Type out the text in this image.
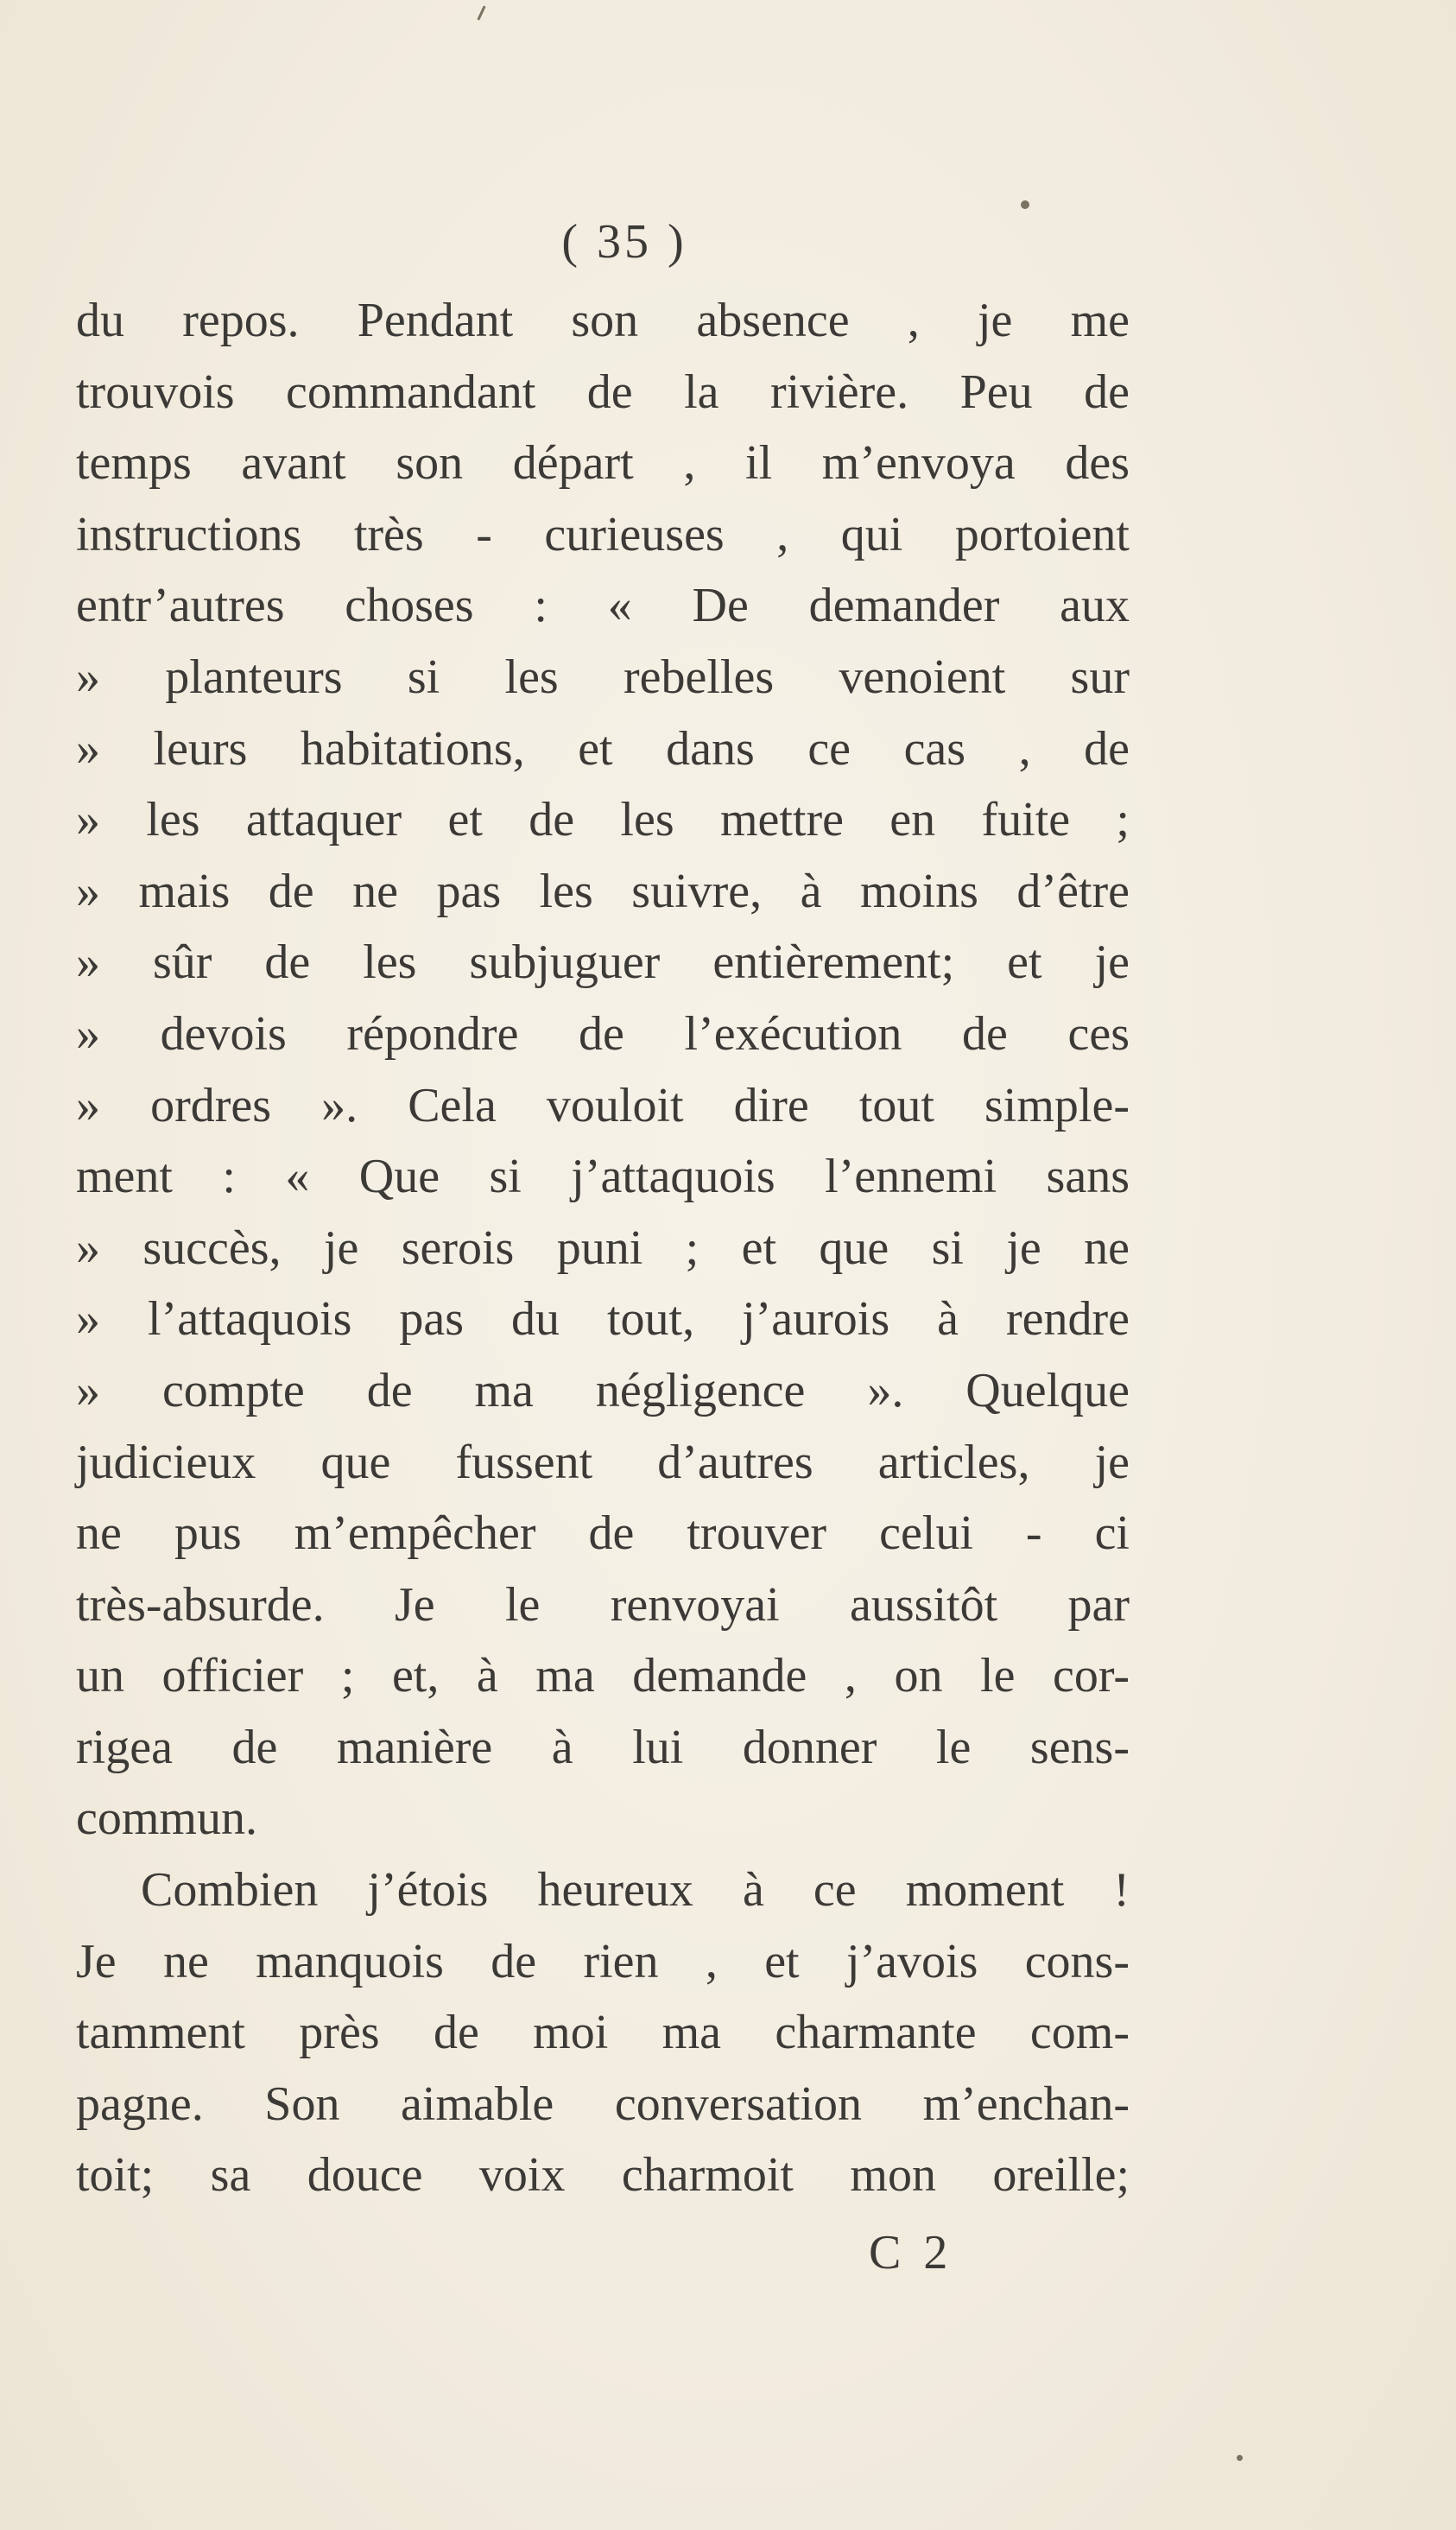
( 35 )
du repos. Pendant son absence , je me
trouvois commandant de la rivière. Peu de
temps avant son départ , il m’envoya des
instructions très - curieuses , qui portoient
entr’autres choses : « De demander aux
» planteurs si les rebelles venoient sur
» leurs habitations, et dans ce cas , de
» les attaquer et de les mettre en fuite ;
» mais de ne pas les suivre, à moins d’être
» sûr de les subjuguer entièrement; et je
» devois répondre de l’exécution de ces
» ordres ». Cela vouloit dire tout simple-
ment : « Que si j’attaquois l’ennemi sans
» succès, je serois puni ; et que si je ne
» l’attaquois pas du tout, j’aurois à rendre
» compte de ma négligence ». Quelque
judicieux que fussent d’autres articles, je
ne pus m’empêcher de trouver celui - ci
très-absurde. Je le renvoyai aussitôt par
un officier ; et, à ma demande , on le cor-
rigea de manière à lui donner le sens-
commun.
Combien j’étois heureux à ce moment !
Je ne manquois de rien , et j’avois cons-
tamment près de moi ma charmante com-
pagne. Son aimable conversation m’enchan-
toit; sa douce voix charmoit mon oreille;
C 2
